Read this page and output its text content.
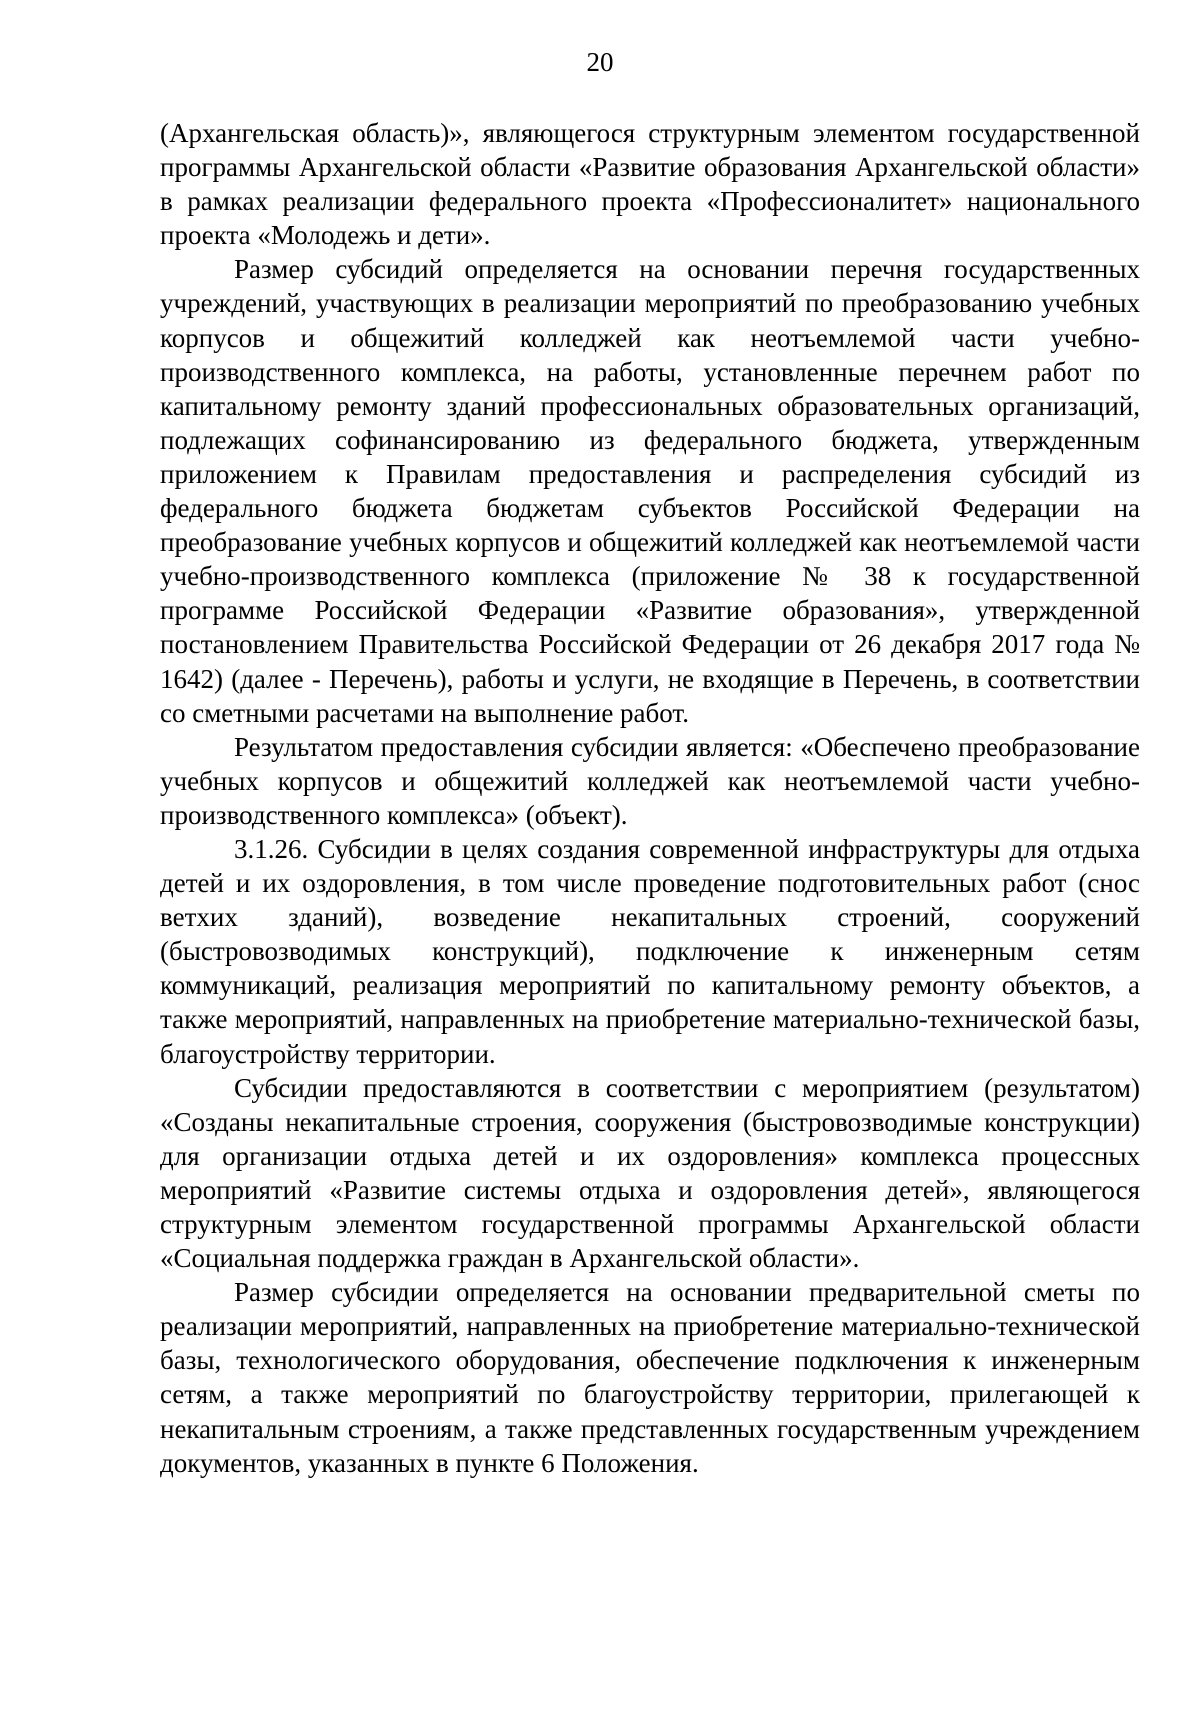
20

(Архангельская область)», являющегося структурным элементом государственной программы Архангельской области «Развитие образования Архангельской области» в рамках реализации федерального проекта «Профессионалитет» национального проекта «Молодежь и дети».

Размер субсидий определяется на основании перечня государственных учреждений, участвующих в реализации мероприятий по преобразованию учебных корпусов и общежитий колледжей как неотъемлемой части учебно-производственного комплекса, на работы, установленные перечнем работ по капитальному ремонту зданий профессиональных образовательных организаций, подлежащих софинансированию из федерального бюджета, утвержденным приложением к Правилам предоставления и распределения субсидий из федерального бюджета бюджетам субъектов Российской Федерации на преобразование учебных корпусов и общежитий колледжей как неотъемлемой части учебно-производственного комплекса (приложение № 38 к государственной программе Российской Федерации «Развитие образования», утвержденной постановлением Правительства Российской Федерации от 26 декабря 2017 года № 1642) (далее - Перечень), работы и услуги, не входящие в Перечень, в соответствии со сметными расчетами на выполнение работ.

Результатом предоставления субсидии является: «Обеспечено преобразование учебных корпусов и общежитий колледжей как неотъемлемой части учебно-производственного комплекса» (объект).

3.1.26. Субсидии в целях создания современной инфраструктуры для отдыха детей и их оздоровления, в том числе проведение подготовительных работ (снос ветхих зданий), возведение некапитальных строений, сооружений (быстровозводимых конструкций), подключение к инженерным сетям коммуникаций, реализация мероприятий по капитальному ремонту объектов, а также мероприятий, направленных на приобретение материально-технической базы, благоустройству территории.

Субсидии предоставляются в соответствии с мероприятием (результатом) «Созданы некапитальные строения, сооружения (быстровозводимые конструкции) для организации отдыха детей и их оздоровления» комплекса процессных мероприятий «Развитие системы отдыха и оздоровления детей», являющегося структурным элементом государственной программы Архангельской области «Социальная поддержка граждан в Архангельской области».

Размер субсидии определяется на основании предварительной сметы по реализации мероприятий, направленных на приобретение материально-технической базы, технологического оборудования, обеспечение подключения к инженерным сетям, а также мероприятий по благоустройству территории, прилегающей к некапитальным строениям, а также представленных государственным учреждением документов, указанных в пункте 6 Положения.
